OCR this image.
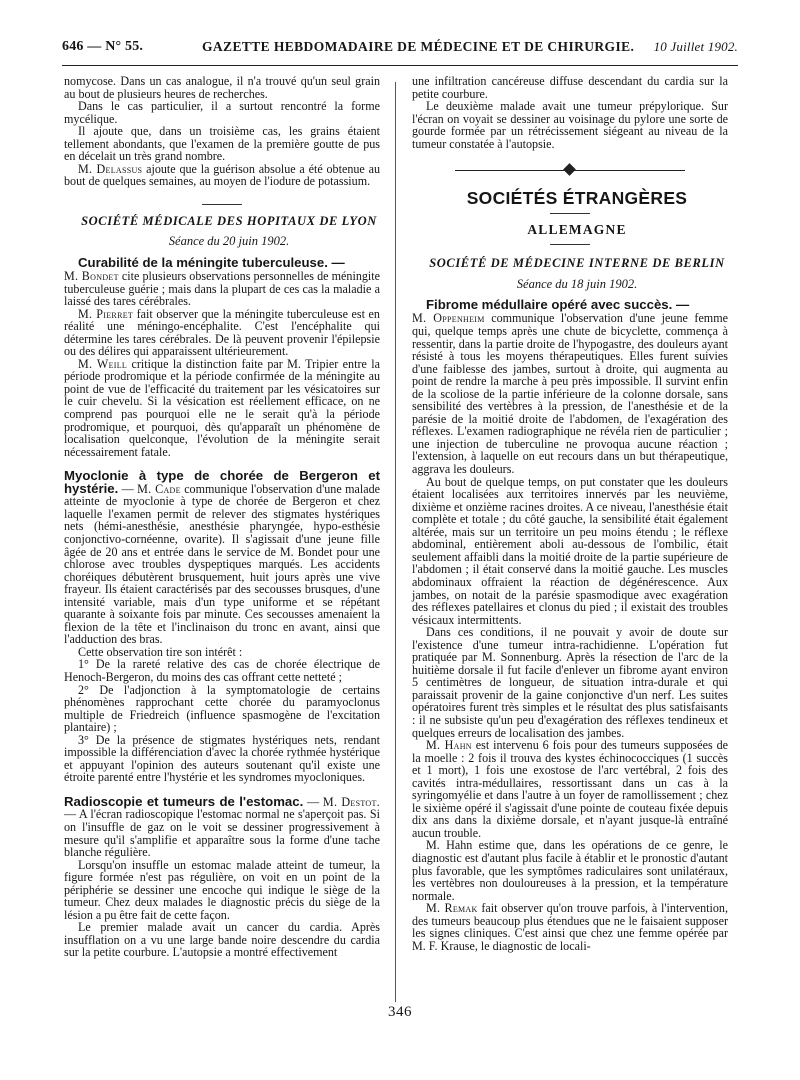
646 — N° 55.	GAZETTE HEBDOMADAIRE DE MÉDECINE ET DE CHIRURGIE. 10 Juillet 1902.

nomycose. Dans un cas analogue, il n'a trouvé qu'un seul grain au bout de plusieurs heures de recherches.

Dans le cas particulier, il a surtout rencontré la forme mycélique.

Il ajoute que, dans un troisième cas, les grains étaient tellement abondants, que l'examen de la première goutte de pus en décelait un très grand nombre.

M. Delassus ajoute que la guérison absolue a été obtenue au bout de quelques semaines, au moyen de l'iodure de potassium.

SOCIÉTÉ MÉDICALE DES HOPITAUX DE LYON

Séance du 20 juin 1902.

Curabilité de la méningite tuberculeuse. —

M. Bondet cite plusieurs observations personnelles de méningite tuberculeuse guérie ; mais dans la plupart de ces cas la maladie a laissé des tares cérébrales.

M. Pierret fait observer que la méningite tuberculeuse est en réalité une méningo-encéphalite. C'est l'encéphalite qui détermine les tares cérébrales. De là peuvent provenir l'épilepsie ou des délires qui apparaissent ultérieurement.

M. Weill critique la distinction faite par M. Tripier entre la période prodromique et la période confirmée de la méningite au point de vue de l'efficacité du traitement par les vésicatoires sur le cuir chevelu. Si la vésication est réellement efficace, on ne comprend pas pourquoi elle ne le serait qu'à la période prodromique, et pourquoi, dès qu'apparaît un phénomène de localisation quelconque, l'évolution de la méningite serait nécessairement fatale.

Myoclonie à type de chorée de Bergeron et hystérie. — M. Cade communique l'observation d'une malade atteinte de myoclonie à type de chorée de Bergeron et chez laquelle l'examen permit de relever des stigmates hystériques nets (hémi-anesthésie, anesthésie pharyngée, hypo-esthésie conjonctivo-cornéenne, ovarite). Il s'agissait d'une jeune fille âgée de 20 ans et entrée dans le service de M. Bondet pour une chlorose avec troubles dyspeptiques marqués. Les accidents choréiques débutèrent brusquement, huit jours après une vive frayeur. Ils étaient caractérisés par des secousses brusques, d'une intensité variable, mais d'un type uniforme et se répétant quarante à soixante fois par minute. Ces secousses amenaient la flexion de la tête et l'inclinaison du tronc en avant, ainsi que l'adduction des bras.

Cette observation tire son intérêt :

1° De la rareté relative des cas de chorée électrique de Henoch-Bergeron, du moins des cas offrant cette netteté ;

2° De l'adjonction à la symptomatologie de certains phénomènes rapprochant cette chorée du paramyoclonus multiple de Friedreich (influence spasmogène de l'excitation plantaire) ;

3° De la présence de stigmates hystériques nets, rendant impossible la différenciation d'avec la chorée rythmée hystérique et appuyant l'opinion des auteurs soutenant qu'il existe une étroite parenté entre l'hystérie et les syndromes myocloniques.

Radioscopie et tumeurs de l'estomac. — M. Destot. — A l'écran radioscopique l'estomac normal ne s'aperçoit pas. Si on l'insuffle de gaz on le voit se dessiner progressivement à mesure qu'il s'amplifie et apparaître sous la forme d'une tache blanche régulière.

Lorsqu'on insuffle un estomac malade atteint de tumeur, la figure formée n'est pas régulière, on voit en un point de la périphérie se dessiner une encoche qui indique le siège de la tumeur. Chez deux malades le diagnostic précis du siège de la lésion a pu être fait de cette façon.

Le premier malade avait un cancer du cardia. Après insufflation on a vu une large bande noire descendre du cardia sur la petite courbure. L'autopsie a montré effectivement

une infiltration cancéreuse diffuse descendant du cardia sur la petite courbure.

Le deuxième malade avait une tumeur prépylorique. Sur l'écran on voyait se dessiner au voisinage du pylore une sorte de gourde formée par un rétrécissement siégeant au niveau de la tumeur constatée à l'autopsie.

SOCIÉTÉS ÉTRANGÈRES

ALLEMAGNE

SOCIÉTÉ DE MÉDECINE INTERNE DE BERLIN

Séance du 18 juin 1902.

Fibrome médullaire opéré avec succès. —

M. Oppenheim communique l'observation d'une jeune femme qui, quelque temps après une chute de bicyclette, commença à ressentir, dans la partie droite de l'hypogastre, des douleurs ayant résisté à tous les moyens thérapeutiques. Elles furent suivies d'une faiblesse des jambes, surtout à droite, qui augmenta au point de rendre la marche à peu près impossible. Il survint enfin de la scoliose de la partie inférieure de la colonne dorsale, sans sensibilité des vertèbres à la pression, de l'anesthésie et de la parésie de la moitié droite de l'abdomen, de l'exagération des réflexes. L'examen radiographique ne révéla rien de particulier ; une injection de tuberculine ne provoqua aucune réaction ; l'extension, à laquelle on eut recours dans un but thérapeutique, aggrava les douleurs.

Au bout de quelque temps, on put constater que les douleurs étaient localisées aux territoires innervés par les neuvième, dixième et onzième racines droites. A ce niveau, l'anesthésie était complète et totale ; du côté gauche, la sensibilité était également altérée, mais sur un territoire un peu moins étendu ; le réflexe abdominal, entièrement aboli au-dessous de l'ombilic, était seulement affaibli dans la moitié droite de la partie supérieure de l'abdomen ; il était conservé dans la moitié gauche. Les muscles abdominaux offraient la réaction de dégénérescence. Aux jambes, on notait de la parésie spasmodique avec exagération des réflexes patellaires et clonus du pied ; il existait des troubles vésicaux intermittents.

Dans ces conditions, il ne pouvait y avoir de doute sur l'existence d'une tumeur intra-rachidienne. L'opération fut pratiquée par M. Sonnenburg. Après la résection de l'arc de la huitième dorsale il fut facile d'enlever un fibrome ayant environ 5 centimètres de longueur, de situation intra-durale et qui paraissait provenir de la gaine conjonctive d'un nerf. Les suites opératoires furent très simples et le résultat des plus satisfaisants : il ne subsiste qu'un peu d'exagération des réflexes tendineux et quelques erreurs de localisation des jambes.

M. Hahn est intervenu 6 fois pour des tumeurs supposées de la moelle : 2 fois il trouva des kystes échinococciques (1 succès et 1 mort), 1 fois une exostose de l'arc vertébral, 2 fois des cavités intra-médullaires, ressortissant dans un cas à la syringomyélie et dans l'autre à un foyer de ramollissement ; chez le sixième opéré il s'agissait d'une pointe de couteau fixée depuis dix ans dans la dixième dorsale, et n'ayant jusque-là entraîné aucun trouble.

M. Hahn estime que, dans les opérations de ce genre, le diagnostic est d'autant plus facile à établir et le pronostic d'autant plus favorable, que les symptômes radiculaires sont unilatéraux, les vertèbres non douloureuses à la pression, et la température normale.

M. Remak fait observer qu'on trouve parfois, à l'intervention, des tumeurs beaucoup plus étendues que ne le faisaient supposer les signes cliniques. C'est ainsi que chez une femme opérée par M. F. Krause, le diagnostic de locali-

346
